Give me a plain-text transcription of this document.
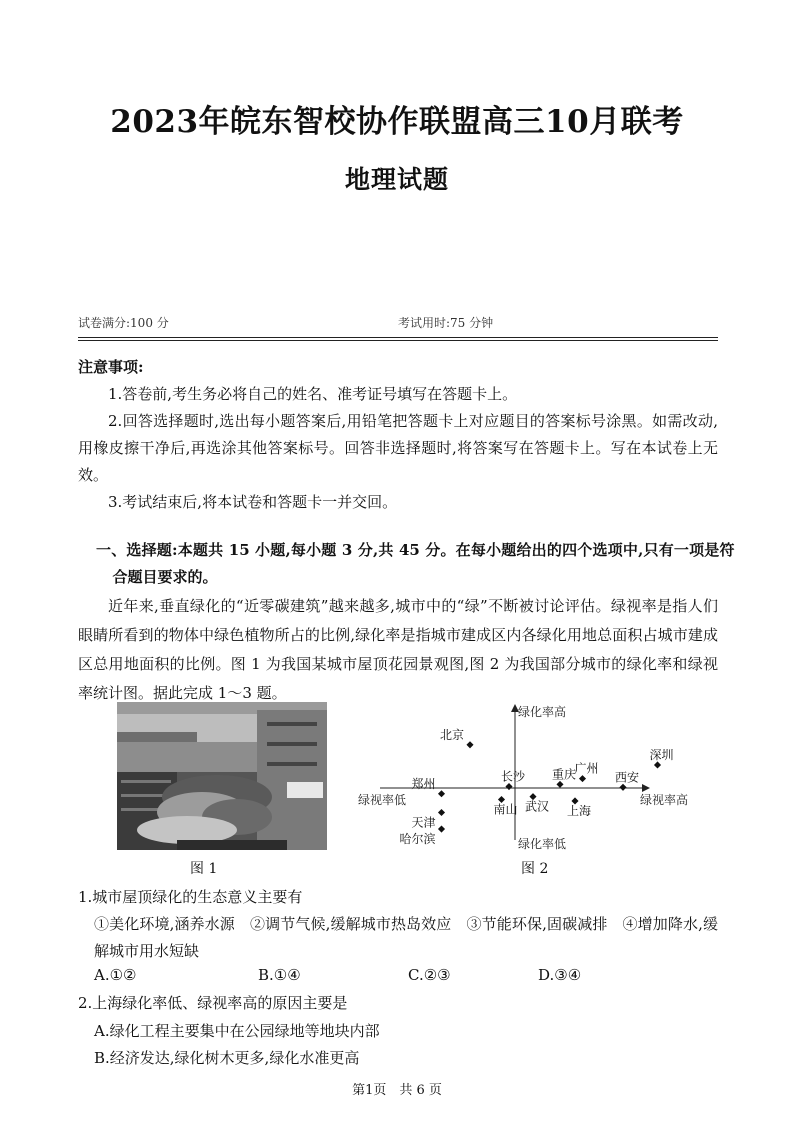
2023年皖东智校协作联盟高三10月联考
地理试题
试卷满分:100 分	考试用时:75 分钟
注意事项:
1.答卷前,考生务必将自己的姓名、准考证号填写在答题卡上。
2.回答选择题时,选出每小题答案后,用铅笔把答题卡上对应题目的答案标号涂黑。如需改动,用橡皮擦干净后,再选涂其他答案标号。回答非选择题时,将答案写在答题卡上。写在本试卷上无效。
3.考试结束后,将本试卷和答题卡一并交回。
一、选择题:本题共 15 小题,每小题 3 分,共 45 分。在每小题给出的四个选项中,只有一项是符合题目要求的。
近年来,垂直绿化的“近零碳建筑”越来越多,城市中的“绿”不断被讨论评估。绿视率是指人们眼睛所看到的物体中绿色植物所占的比例,绿化率是指城市建成区内各绿化用地总面积占城市建成区总用地面积的比例。图 1 为我国某城市屋顶花园景观图,图 2 为我国部分城市的绿化率和绿视率统计图。据此完成 1～3 题。
绿化率高
绿化率低
绿视率高
绿视率低
北京
深圳
广州
重庆
长沙
郑州	西安
天津
南山 武汉 上海
哈尔滨
图 1	图 2
1.城市屋顶绿化的生态意义主要有
①美化环境,涵养水源　②调节气候,缓解城市热岛效应　③节能环保,固碳减排　④增加降水,缓解城市用水短缺
A.①②	B.①④	C.②③	D.③④
2.上海绿化率低、绿视率高的原因主要是
A.绿化工程主要集中在公园绿地等地块内部
B.经济发达,绿化树木更多,绿化水准更高
第1页　共 6 页
